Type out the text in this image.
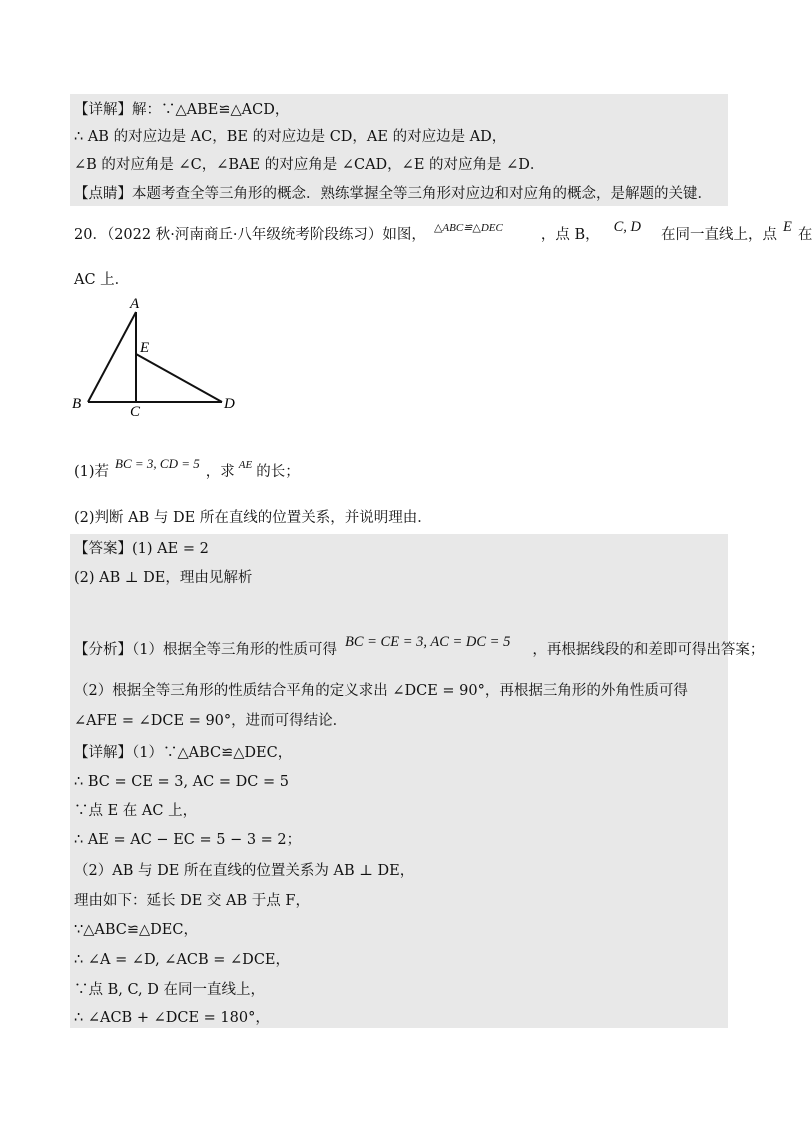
【详解】解：∵△ABE≌△ACD，
∴ AB 的对应边是 AC，BE 的对应边是 CD，AE 的对应边是 AD，
∠B 的对应角是 ∠C，∠BAE 的对应角是 ∠CAD，∠E 的对应角是 ∠D．
【点睛】本题考查全等三角形的概念．熟练掌握全等三角形对应边和对应角的概念，是解题的关键．
20．（2022 秋·河南商丘·八年级统考阶段练习）如图， $^{\triangle ABC≌\triangle DEC}$	，点 B， C, D 在同一直线上，点 E 在
AC 上．
A
E
B	C	D
(1)若BC = 3, CD = 5，求 $^{AE}$ 的长；
(2)判断 AB 与 DE 所在直线的位置关系，并说明理由．
【答案】(1) AE = 2
(2) AB ⊥ DE，理由见解析
【分析】（1）根据全等三角形的性质可得 BC = CE = 3, AC = DC = 5 ，再根据线段的和差即可得出答案；
（2）根据全等三角形的性质结合平角的定义求出 ∠DCE = 90°，再根据三角形的外角性质可得
∠AFE = ∠DCE = 90°，进而可得结论．
【详解】（1）∵△ABC≌△DEC，
∴ BC = CE = 3, AC = DC = 5
∵点 E 在 AC 上，
∴ AE = AC − EC = 5 − 3 = 2；
（2）AB 与 DE 所在直线的位置关系为 AB ⊥ DE，
理由如下：延长 DE 交 AB 于点 F，
∵△ABC≌△DEC，
∴ ∠A = ∠D, ∠ACB = ∠DCE，
∵点 B, C, D 在同一直线上，
∴ ∠ACB + ∠DCE = 180°，
